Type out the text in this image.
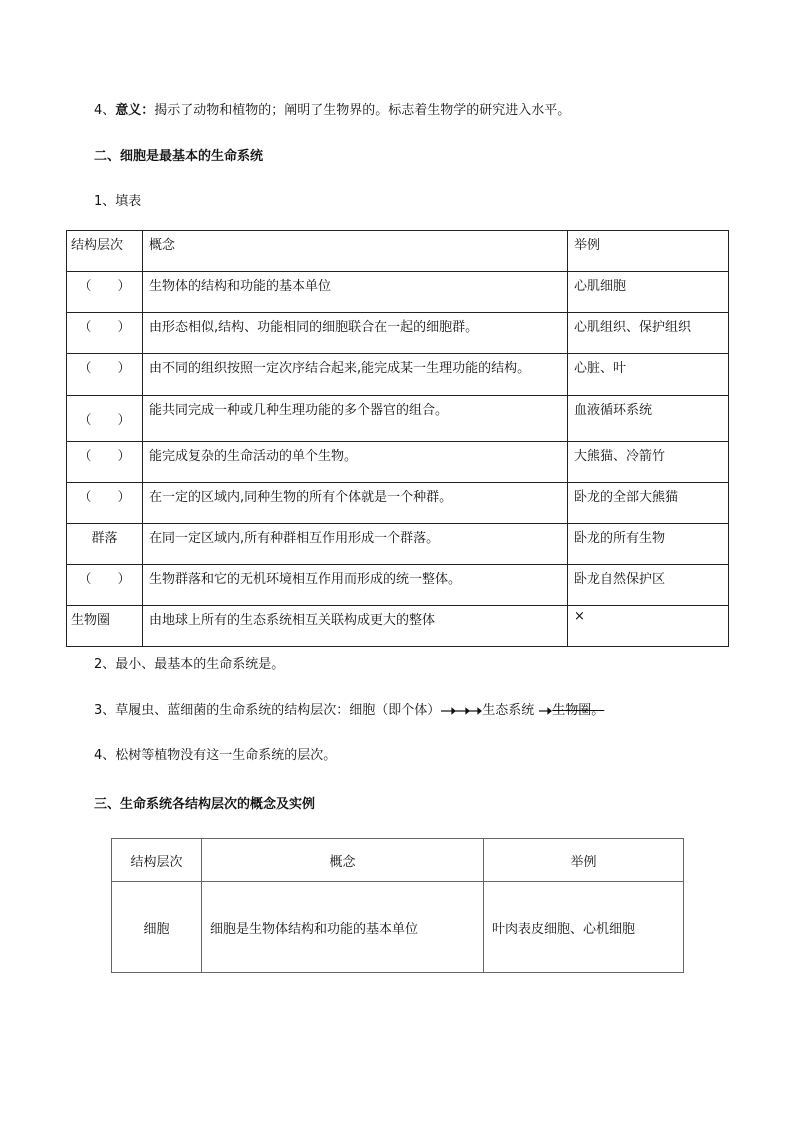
4、意义：揭示了动物和植物的；阐明了生物界的。标志着生物学的研究进入水平。
二、细胞是最基本的生命系统
1、填表
结构层次	概念	举例
（　　）	生物体的结构和功能的基本单位	心肌细胞
（　　）	由形态相似,结构、功能相同的细胞联合在一起的细胞群。	心肌组织、保护组织
（　　）	由不同的组织按照一定次序结合起来,能完成某一生理功能的结构。	心脏、叶
（　　）	能共同完成一种或几种生理功能的多个器官的组合。	血液循环系统
（　　）	能完成复杂的生命活动的单个生物。	大熊猫、冷箭竹
（　　）	在一定的区域内,同种生物的所有个体就是一个种群。	卧龙的全部大熊猫
群落	在同一定区域内,所有种群相互作用形成一个群落。	卧龙的所有生物
（　　）	生物群落和它的无机环境相互作用而形成的统一整体。	卧龙自然保护区
生物圈	由地球上所有的生态系统相互关联构成更大的整体	×
2、最小、最基本的生命系统是。
3、草履虫、蓝细菌的生命系统的结构层次：细胞（即个体）	生态系统 生物圈。
4、松树等植物没有这一生命系统的层次。
三、生命系统各结构层次的概念及实例
结构层次	概念	举例
细胞	细胞是生物体结构和功能的基本单位	叶肉表皮细胞、心机细胞
